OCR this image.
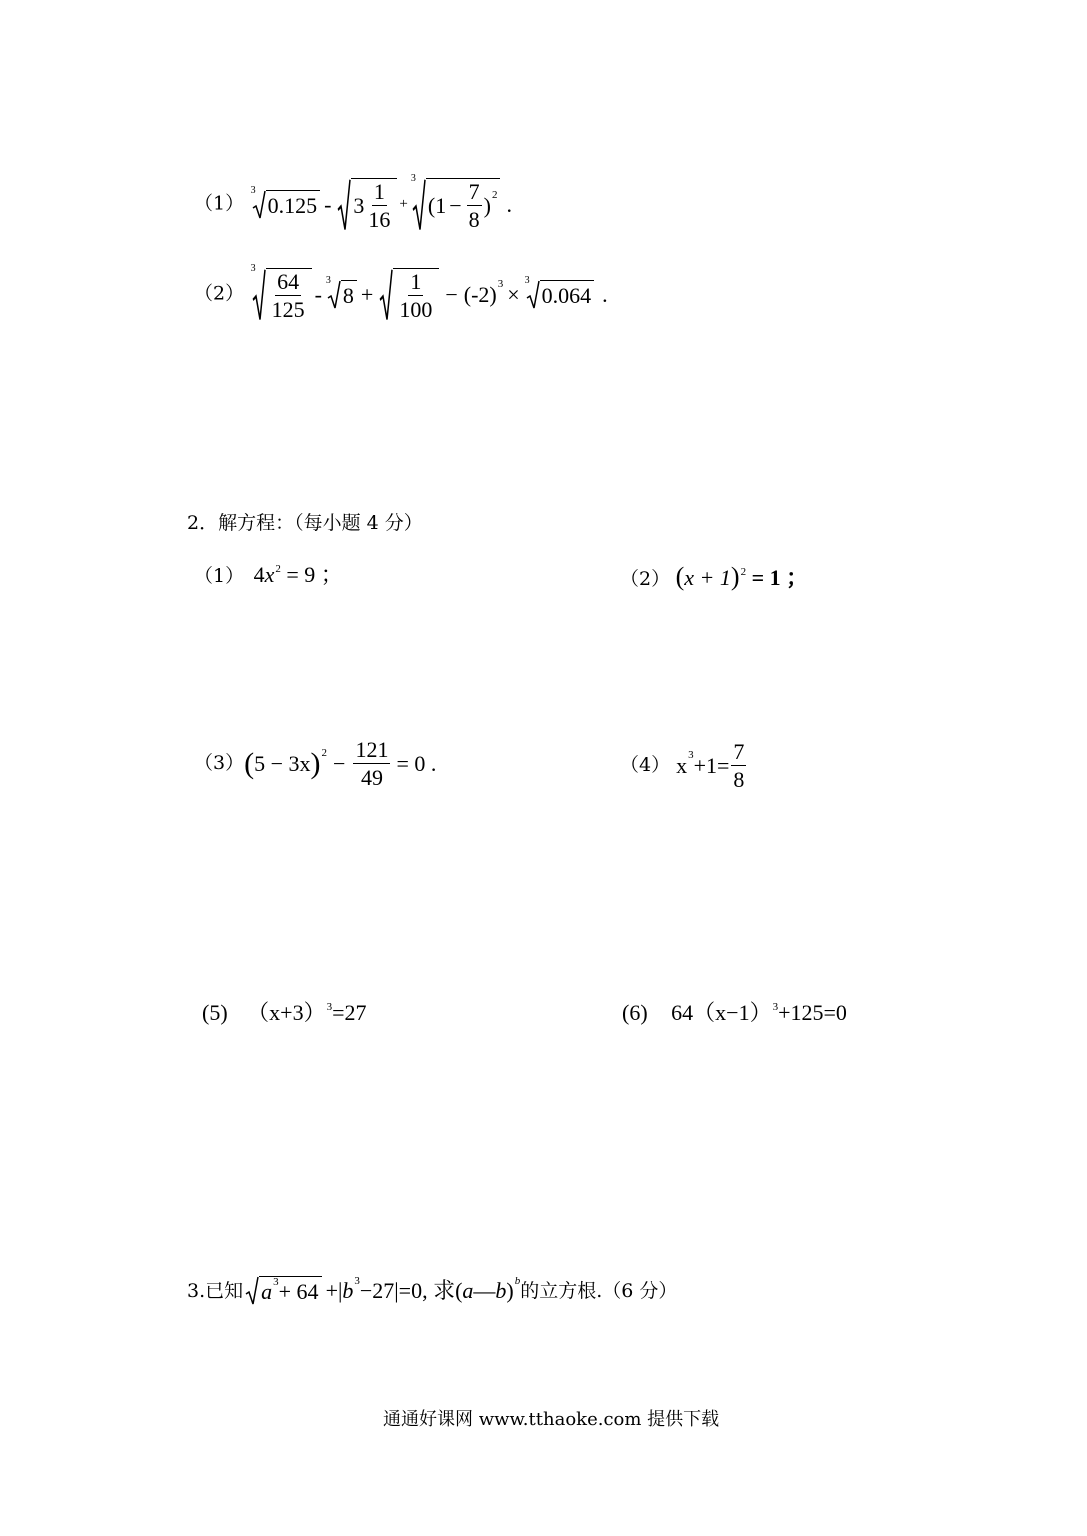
（1）
3
$0.125 - 3 \frac{1}{16}$ +
3
($1 - \frac{7}{8}$ ) 2 .
（2）
3
$\frac{64}{125}$ -
3
$8 + \frac{1}{100} - (-2) 3$ ×
3
0.064 .
2．解方程：（每小题 4 分）
（1） $4x^2 = 9$ ；	（2） $(x + 1)^2 = 1$ ；
（3） ( 5 − 3x ) $2 - \frac{121}{49} = 0$ .	（4） x $3 +1= \frac{7}{8}$
(5) $(x+3)^3=27$	(6) $64(x-1)^3+125=0$
3.已知 a 3 + 64 +| b 3 −27|=0, 求( a — b ) b 的立方根.（6 分）
通通好课网 www.tthaoke.com 提供下载
